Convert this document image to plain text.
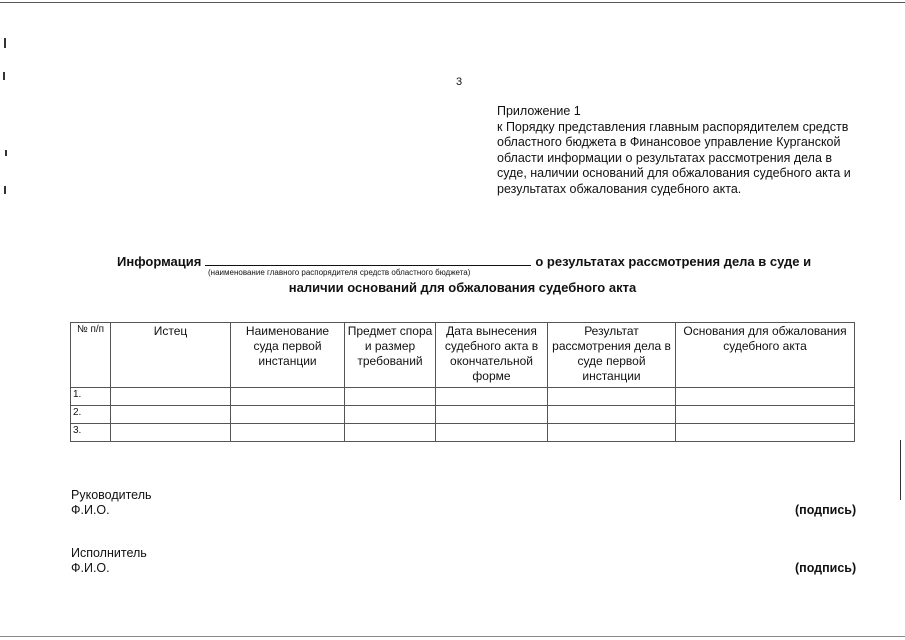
3
Приложение 1
к Порядку представления главным распорядителем средств областного бюджета в Финансовое управление Курганской области информации о результатах рассмотрения дела в суде, наличии оснований для обжалования судебного акта и результатах обжалования судебного акта.
Информация	о результатах рассмотрения дела в суде и
(наименование главного распорядителя средств областного бюджета)
наличии оснований для обжалования судебного акта
№ п/п	Истец	Наименование суда первой инстанции	Предмет спора и размер требований	Дата вынесения судебного акта в окончательной форме	Результат рассмотрения дела в суде первой инстанции	Основания для обжалования судебного акта
1.						
2.						
3.						
Руководитель
Ф.И.О.	(подпись)
Исполнитель
Ф.И.О.	(подпись)
